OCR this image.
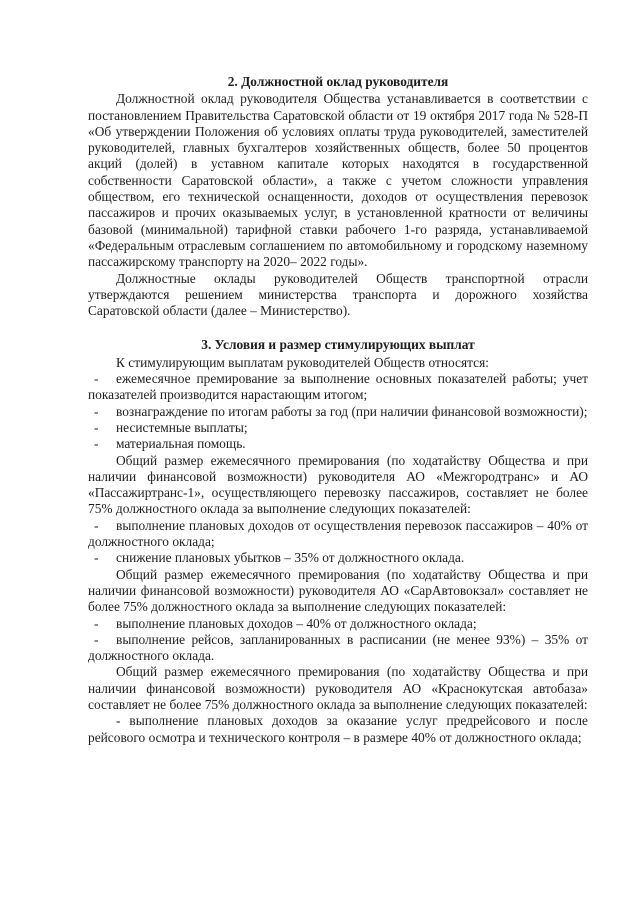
2. Должностной оклад руководителя

Должностной оклад руководителя Общества устанавливается в соответствии с постановлением Правительства Саратовской области от 19 октября 2017 года № 528-П «Об утверждении Положения об условиях оплаты труда руководителей, заместителей руководителей, главных бухгалтеров хозяйственных обществ, более 50 процентов акций (долей) в уставном капитале которых находятся в государственной собственности Саратовской области», а также с учетом сложности управления обществом, его технической оснащенности, доходов от осуществления перевозок пассажиров и прочих оказываемых услуг, в установленной кратности от величины базовой (минимальной) тарифной ставки рабочего 1-го разряда, устанавливаемой «Федеральным отраслевым соглашением по автомобильному и городскому наземному пассажирскому транспорту на 2020– 2022 годы».

Должностные оклады руководителей Обществ транспортной отрасли утверждаются решением министерства транспорта и дорожного хозяйства Саратовской области (далее – Министерство).

3. Условия и размер стимулирующих выплат

К стимулирующим выплатам руководителей Обществ относятся:

- ежемесячное премирование за выполнение основных показателей работы; учет показателей производится нарастающим итогом;
- вознаграждение по итогам работы за год (при наличии финансовой возможности);
- несистемные выплаты;
- материальная помощь.

Общий размер ежемесячного премирования (по ходатайству Общества и при наличии финансовой возможности) руководителя АО «Межгородтранс» и АО «Пассажиртранс-1», осуществляющего перевозку пассажиров, составляет не более 75% должностного оклада за выполнение следующих показателей:

- выполнение плановых доходов от осуществления перевозок пассажиров – 40% от должностного оклада;
- снижение плановых убытков – 35% от должностного оклада.

Общий размер ежемесячного премирования (по ходатайству Общества и при наличии финансовой возможности) руководителя АО «СарАвтовокзал» составляет не более 75% должностного оклада за выполнение следующих показателей:

- выполнение плановых доходов – 40% от должностного оклада;
- выполнение рейсов, запланированных в расписании (не менее 93%) – 35% от должностного оклада.

Общий размер ежемесячного премирования (по ходатайству Общества и при наличии финансовой возможности) руководителя АО «Краснокутская автобаза» составляет не более 75% должностного оклада за выполнение следующих показателей:

- выполнение плановых доходов за оказание услуг предрейсового и после рейсового осмотра и технического контроля – в размере 40% от должностного оклада;
